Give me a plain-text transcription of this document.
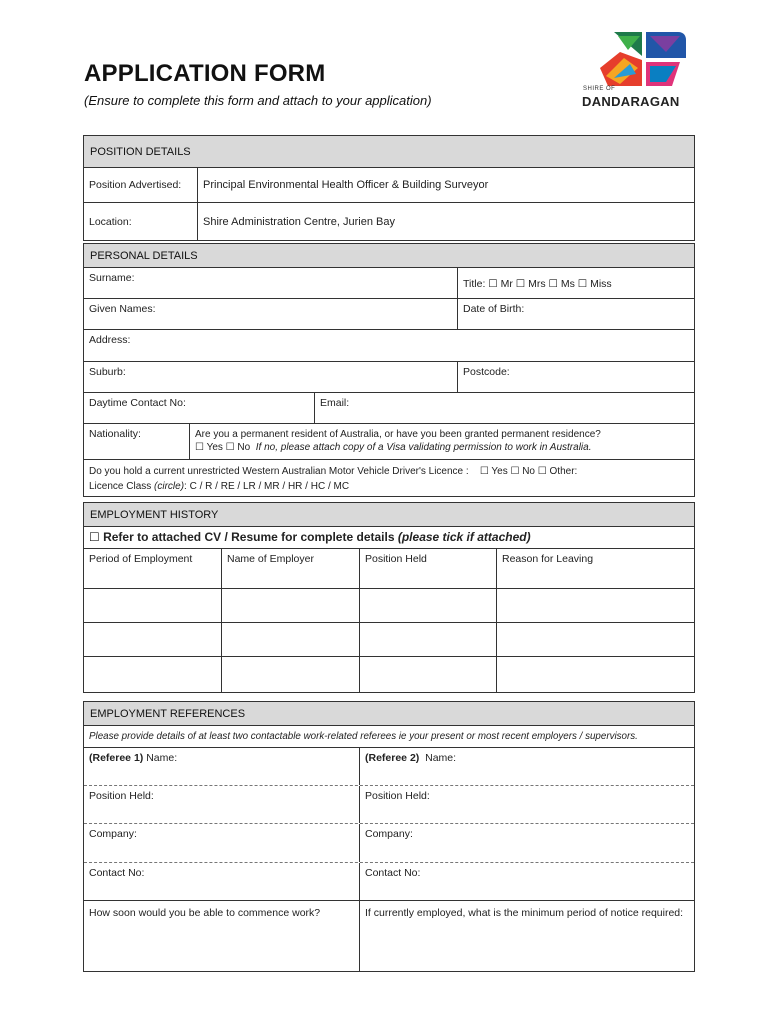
APPLICATION FORM
(Ensure to complete this form and attach to your application)
SHIRE OF
DANDARAGAN
POSITION DETAILS
Position Advertised:	Principal Environmental Health Officer & Building Surveyor
Location:	Shire Administration Centre, Jurien Bay
PERSONAL DETAILS
Surname:	Title: ☐ Mr ☐ Mrs ☐ Ms ☐ Miss
Given Names:	Date of Birth:
Address:
Suburb:	Postcode:
Daytime Contact No:	Email:
Nationality:	Are you a permanent resident of Australia, or have you been granted permanent residence?
☐ Yes ☐ No If no, please attach copy of a Visa validating permission to work in Australia.
Do you hold a current unrestricted Western Australian Motor Vehicle Driver's Licence : ☐ Yes ☐ No ☐ Other:
Licence Class (circle): C / R / RE / LR / MR / HR / HC / MC
EMPLOYMENT HISTORY
☐ Refer to attached CV / Resume for complete details (please tick if attached)
Period of Employment	Name of Employer	Position Held	Reason for Leaving
EMPLOYMENT REFERENCES
Please provide details of at least two contactable work-related referees ie your present or most recent employers / supervisors.
(Referee 1) Name:	(Referee 2) Name:
Position Held:	Position Held:
Company:	Company:
Contact No:	Contact No:
How soon would you be able to commence work?	If currently employed, what is the minimum period of notice required:
